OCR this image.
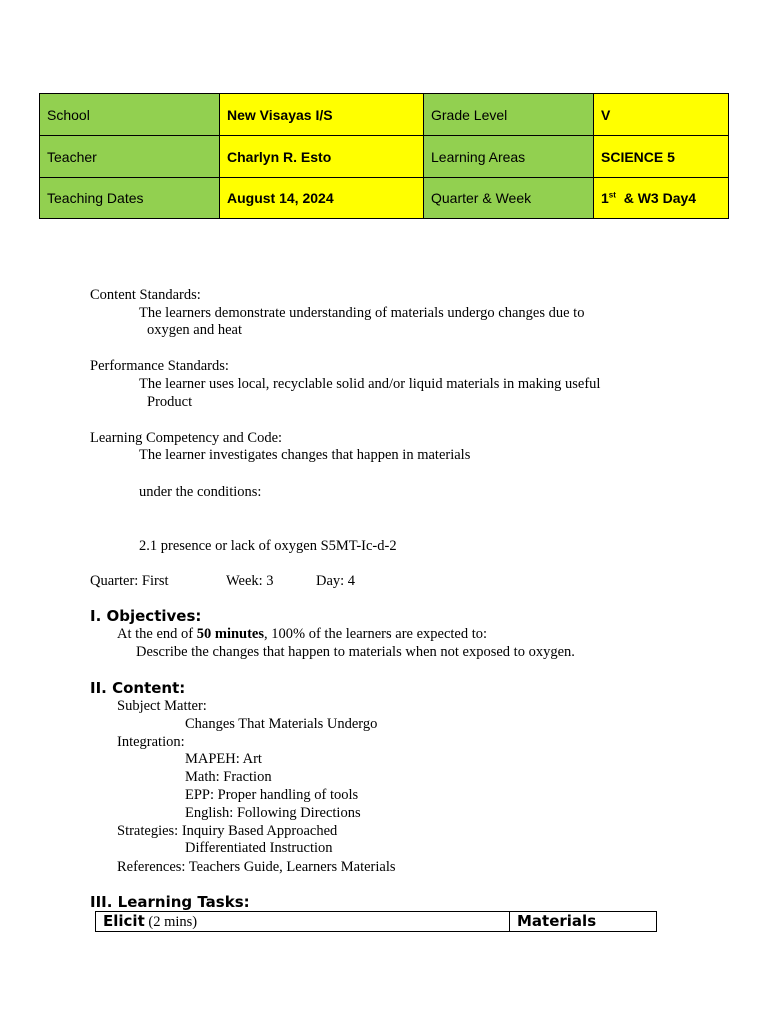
School	New Visayas I/S	Grade Level	V
Teacher	Charlyn R. Esto	Learning Areas	SCIENCE 5
Teaching Dates	August 14, 2024	Quarter & Week	1st  & W3 Day4
Content Standards:
The learners demonstrate understanding of materials undergo changes due to
oxygen and heat
Performance Standards:
The learner uses local, recyclable solid and/or liquid materials in making useful
Product
Learning Competency and Code:
The learner investigates changes that happen in materials
under the conditions:
2.1 presence or lack of oxygen S5MT-Ic-d-2
Quarter: First	Week: 3	Day: 4
I. Objectives:
At the end of 50 minutes, 100% of the learners are expected to:
Describe the changes that happen to materials when not exposed to oxygen.
II. Content:
Subject Matter:
Changes That Materials Undergo
Integration:
MAPEH: Art
Math: Fraction
EPP: Proper handling of tools
English: Following Directions
Strategies: Inquiry Based Approached
Differentiated Instruction
References: Teachers Guide, Learners Materials
III. Learning Tasks:
Elicit (2 mins)	Materials
